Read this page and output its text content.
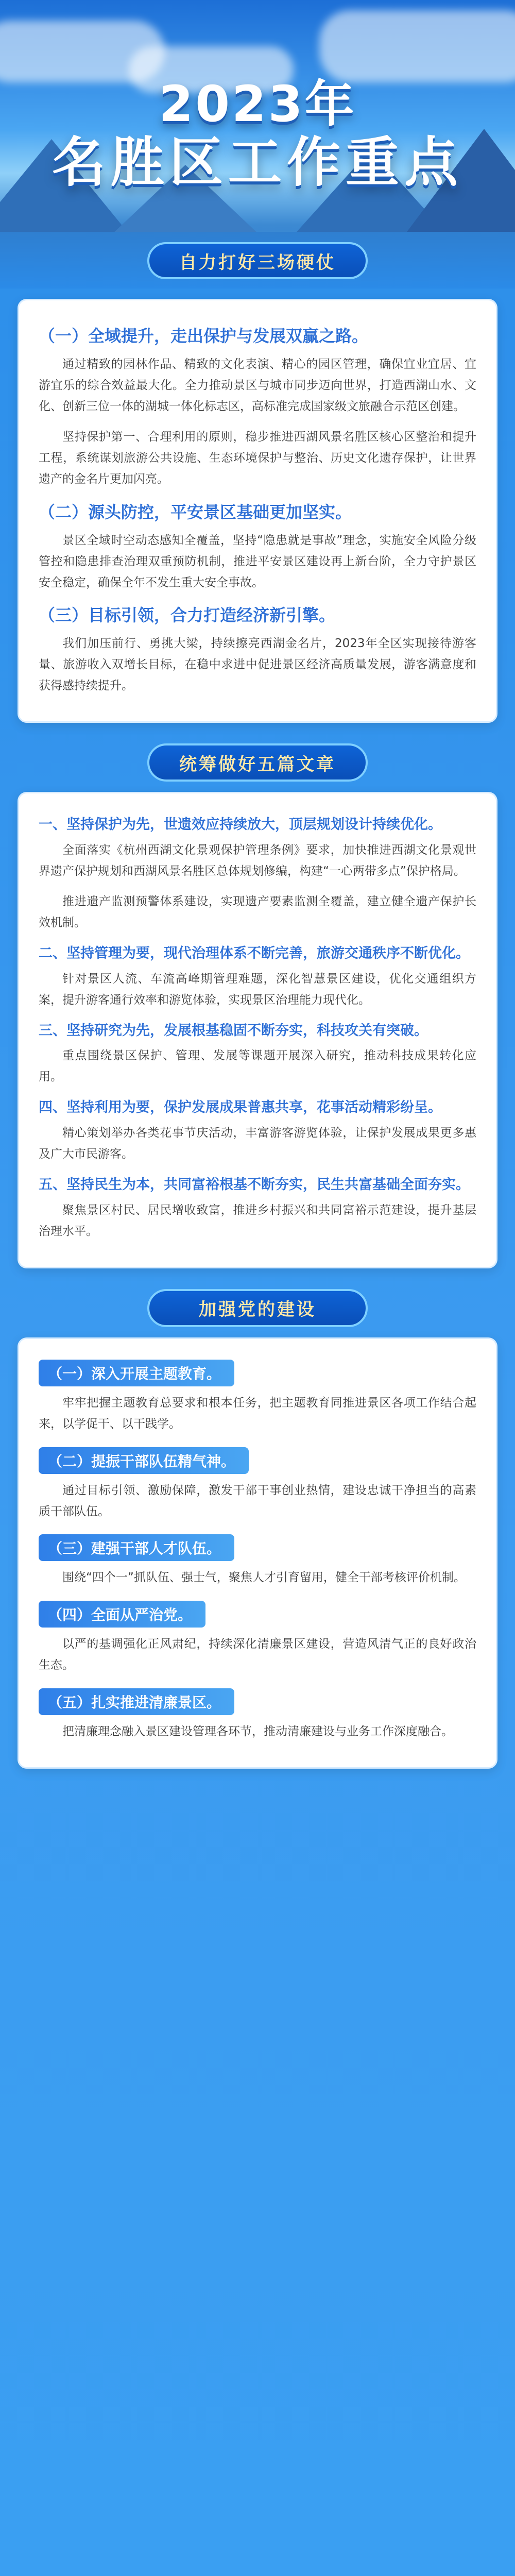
2023年
名胜区工作重点
自力打好三场硬仗
（一）全域提升，走出保护与发展双赢之路。

通过精致的园林作品、精致的文化表演、精心的园区管理，确保宜业宜居、宜游宜乐的综合效益最大化。全力推动景区与城市同步迈向世界，打造西湖山水、文化、创新三位一体的湖城一体化标志区，高标准完成国家级文旅融合示范区创建。

坚持保护第一、合理利用的原则，稳步推进西湖风景名胜区核心区整治和提升工程，系统谋划旅游公共设施、生态环境保护与整治、历史文化遗存保护，让世界遗产的金名片更加闪亮。

（二）源头防控，平安景区基础更加坚实。

景区全域时空动态感知全覆盖，坚持“隐患就是事故”理念，实施安全风险分级管控和隐患排查治理双重预防机制，推进平安景区建设再上新台阶，全力守护景区安全稳定，确保全年不发生重大安全事故。

（三）目标引领，合力打造经济新引擎。

我们加压前行、勇挑大梁，持续擦亮西湖金名片，2023年全区实现接待游客量、旅游收入双增长目标，在稳中求进中促进景区经济高质量发展，游客满意度和获得感持续提升。

统筹做好五篇文章
一、坚持保护为先，世遗效应持续放大，顶层规划设计持续优化。

全面落实《杭州西湖文化景观保护管理条例》要求，加快推进西湖文化景观世界遗产保护规划和西湖风景名胜区总体规划修编，构建“一心两带多点”保护格局。

推进遗产监测预警体系建设，实现遗产要素监测全覆盖，建立健全遗产保护长效机制。

二、坚持管理为要，现代治理体系不断完善，旅游交通秩序不断优化。

针对景区人流、车流高峰期管理难题，深化智慧景区建设，优化交通组织方案，提升游客通行效率和游览体验，实现景区治理能力现代化。

三、坚持研究为先，发展根基稳固不断夯实，科技攻关有突破。

重点围绕景区保护、管理、发展等课题开展深入研究，推动科技成果转化应用。

四、坚持利用为要，保护发展成果普惠共享，花事活动精彩纷呈。

精心策划举办各类花事节庆活动，丰富游客游览体验，让保护发展成果更多惠及广大市民游客。

五、坚持民生为本，共同富裕根基不断夯实，民生共富基础全面夯实。

聚焦景区村民、居民增收致富，推进乡村振兴和共同富裕示范建设，提升基层治理水平。

加强党的建设
（一）深入开展主题教育。

牢牢把握主题教育总要求和根本任务，把主题教育同推进景区各项工作结合起来，以学促干、以干践学。

（二）提振干部队伍精气神。

通过目标引领、激励保障，激发干部干事创业热情，建设忠诚干净担当的高素质干部队伍。

（三）建强干部人才队伍。

围绕“四个一”抓队伍、强士气，聚焦人才引育留用，健全干部考核评价机制。

（四）全面从严治党。

以严的基调强化正风肃纪，持续深化清廉景区建设，营造风清气正的良好政治生态。

（五）扎实推进清廉景区。

把清廉理念融入景区建设管理各环节，推动清廉建设与业务工作深度融合。
